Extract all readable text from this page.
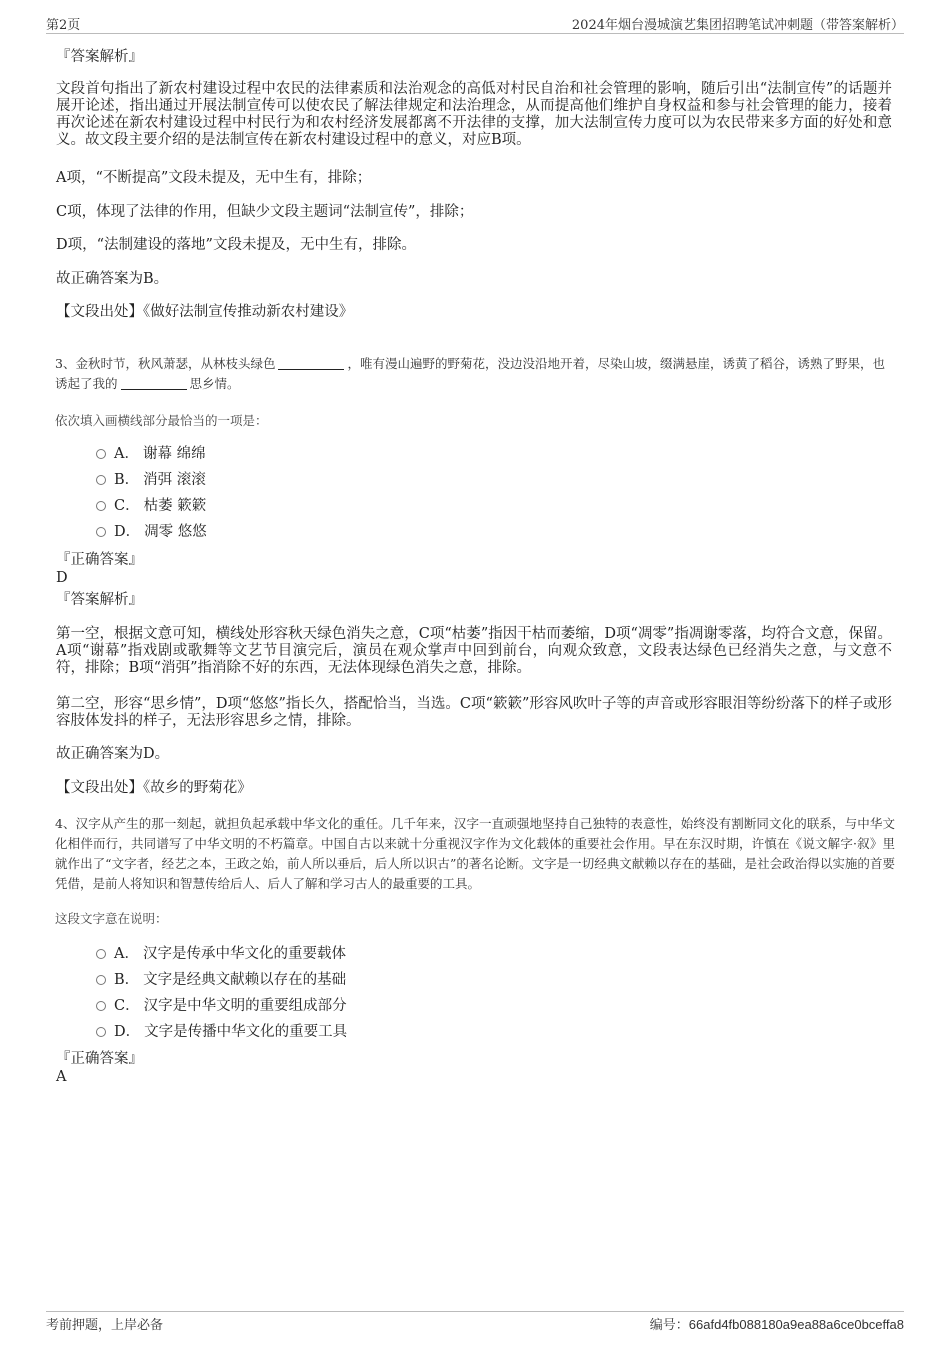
第2页	2024年烟台漫城演艺集团招聘笔试冲刺题（带答案解析）
『答案解析』
文段首句指出了新农村建设过程中农民的法律素质和法治观念的高低对村民自治和社会管理的影响，随后引出“法制宣传”的话题并展开论述，指出通过开展法制宣传可以使农民了解法律规定和法治理念，从而提高他们维护自身权益和参与社会管理的能力，接着再次论述在新农村建设过程中村民行为和农村经济发展都离不开法律的支撑，加大法制宣传力度可以为农民带来多方面的好处和意义。故文段主要介绍的是法制宣传在新农村建设过程中的意义，对应B项。
A项，“不断提高”文段未提及，无中生有，排除；
C项，体现了法律的作用，但缺少文段主题词“法制宣传”，排除；
D项，“法制建设的落地”文段未提及，无中生有，排除。
故正确答案为B。
【文段出处】《做好法制宣传推动新农村建设》
3、金秋时节，秋风萧瑟，从林枝头绿色	，唯有漫山遍野的野菊花，没边没沿地开着，尽染山坡，缀满悬崖，诱黄了稻谷，诱熟了野果，也诱起了我的	思乡情。
依次填入画横线部分最恰当的一项是：
A．谢幕 绵绵
B．消弭 滚滚
C．枯萎 簌簌
D．凋零 悠悠
『正确答案』
D
『答案解析』
第一空，根据文意可知，横线处形容秋天绿色消失之意，C项“枯萎”指因干枯而萎缩，D项“凋零”指凋谢零落，均符合文意，保留。A项“谢幕”指戏剧或歌舞等文艺节目演完后，演员在观众掌声中回到前台，向观众致意，文段表达绿色已经消失之意，与文意不符，排除；B项“消弭”指消除不好的东西，无法体现绿色消失之意，排除。
第二空，形容“思乡情”，D项“悠悠”指长久，搭配恰当，当选。C项“簌簌”形容风吹叶子等的声音或形容眼泪等纷纷落下的样子或形容肢体发抖的样子，无法形容思乡之情，排除。
故正确答案为D。
【文段出处】《故乡的野菊花》
4、汉字从产生的那一刻起，就担负起承载中华文化的重任。几千年来，汉字一直顽强地坚持自己独特的表意性，始终没有割断同文化的联系，与中华文化相伴而行，共同谱写了中华文明的不朽篇章。中国自古以来就十分重视汉字作为文化载体的重要社会作用。早在东汉时期，许慎在《说文解字·叙》里就作出了“文字者，经艺之本，王政之始，前人所以垂后，后人所以识古”的著名论断。文字是一切经典文献赖以存在的基础，是社会政治得以实施的首要凭借，是前人将知识和智慧传给后人、后人了解和学习古人的最重要的工具。
这段文字意在说明：
A． 汉字是传承中华文化的重要载体
B． 文字是经典文献赖以存在的基础
C． 汉字是中华文明的重要组成部分
D． 文字是传播中华文化的重要工具
『正确答案』
A
考前押题，上岸必备	编号：66afd4fb088180a9ea88a6ce0bceffa8
